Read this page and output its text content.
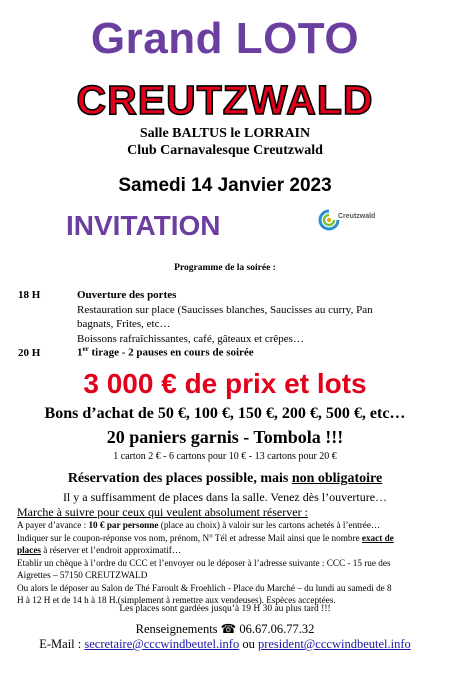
Grand LOTO
CREUTZWALD
Salle BALTUS le LORRAIN
Club Carnavalesque Creutzwald
Samedi 14 Janvier 2023
INVITATION	Creutzwald
Programme de la soirée :
18 H	Ouverture des portes
Restauration sur place (Saucisses blanches, Saucisses au curry, Pan
bagnats, Frites, etc…
Boissons rafraîchissantes, café, gâteaux et crêpes…
20 H	1er tirage - 2 pauses en cours de soirée
3 000 € de prix et lots
Bons d’achat de 50 €, 100 €, 150 €, 200 €, 500 €, etc…
20 paniers garnis - Tombola !!!
1 carton 2 € - 6 cartons pour 10 € - 13 cartons pour 20 €
Réservation des places possible, mais non obligatoire
Il y a suffisamment de places dans la salle. Venez dès l’ouverture…
Marche à suivre pour ceux qui veulent absolument réserver :
A payer d’avance : 10 € par personne (place au choix) à valoir sur les cartons achetés à l’entrée…
Indiquer sur le coupon-réponse vos nom, prénom, N° Tél et adresse Mail ainsi que le nombre exact de
places à réserver et l’endroit approximatif…
Etablir un chèque à l’ordre du CCC et l’envoyer ou le déposer à l’adresse suivante : CCC - 15 rue des
Aigrettes – 57150 CREUTZWALD
Ou alors le déposer au Salon de Thé Faroult & Froehlich - Place du Marché – du lundi au samedi de 8
H à 12 H et de 14 h à 18 H.(simplement à remettre aux vendeuses). Espèces acceptées.
Les places sont gardées jusqu’à 19 H 30 au plus tard !!!
Renseignements ☎ 06.67.06.77.32
E-Mail : secretaire@cccwindbeutel.info ou president@cccwindbeutel.info
